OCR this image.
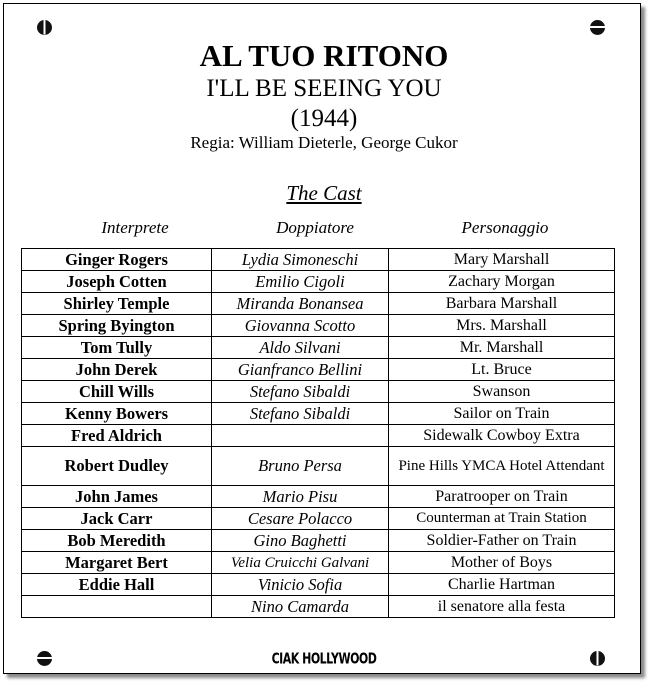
AL TUO RITONO
I'LL BE SEEING YOU
(1944)
Regia: William Dieterle, George Cukor
The Cast
Interprete	Doppiatore	Personaggio
Ginger Rogers	Lydia Simoneschi	Mary Marshall
Joseph Cotten	Emilio Cigoli	Zachary Morgan
Shirley Temple	Miranda Bonansea	Barbara Marshall
Spring Byington	Giovanna Scotto	Mrs. Marshall
Tom Tully	Aldo Silvani	Mr. Marshall
John Derek	Gianfranco Bellini	Lt. Bruce
Chill Wills	Stefano Sibaldi	Swanson
Kenny Bowers	Stefano Sibaldi	Sailor on Train
Fred Aldrich		Sidewalk Cowboy Extra
Robert Dudley	Bruno Persa	Pine Hills YMCA Hotel Attendant
John James	Mario Pisu	Paratrooper on Train
Jack Carr	Cesare Polacco	Counterman at Train Station
Bob Meredith	Gino Baghetti	Soldier-Father on Train
Margaret Bert	Velia Cruicchi Galvani	Mother of Boys
Eddie Hall	Vinicio Sofia	Charlie Hartman
	Nino Camarda	il senatore alla festa
CIAK HOLLYWOOD
